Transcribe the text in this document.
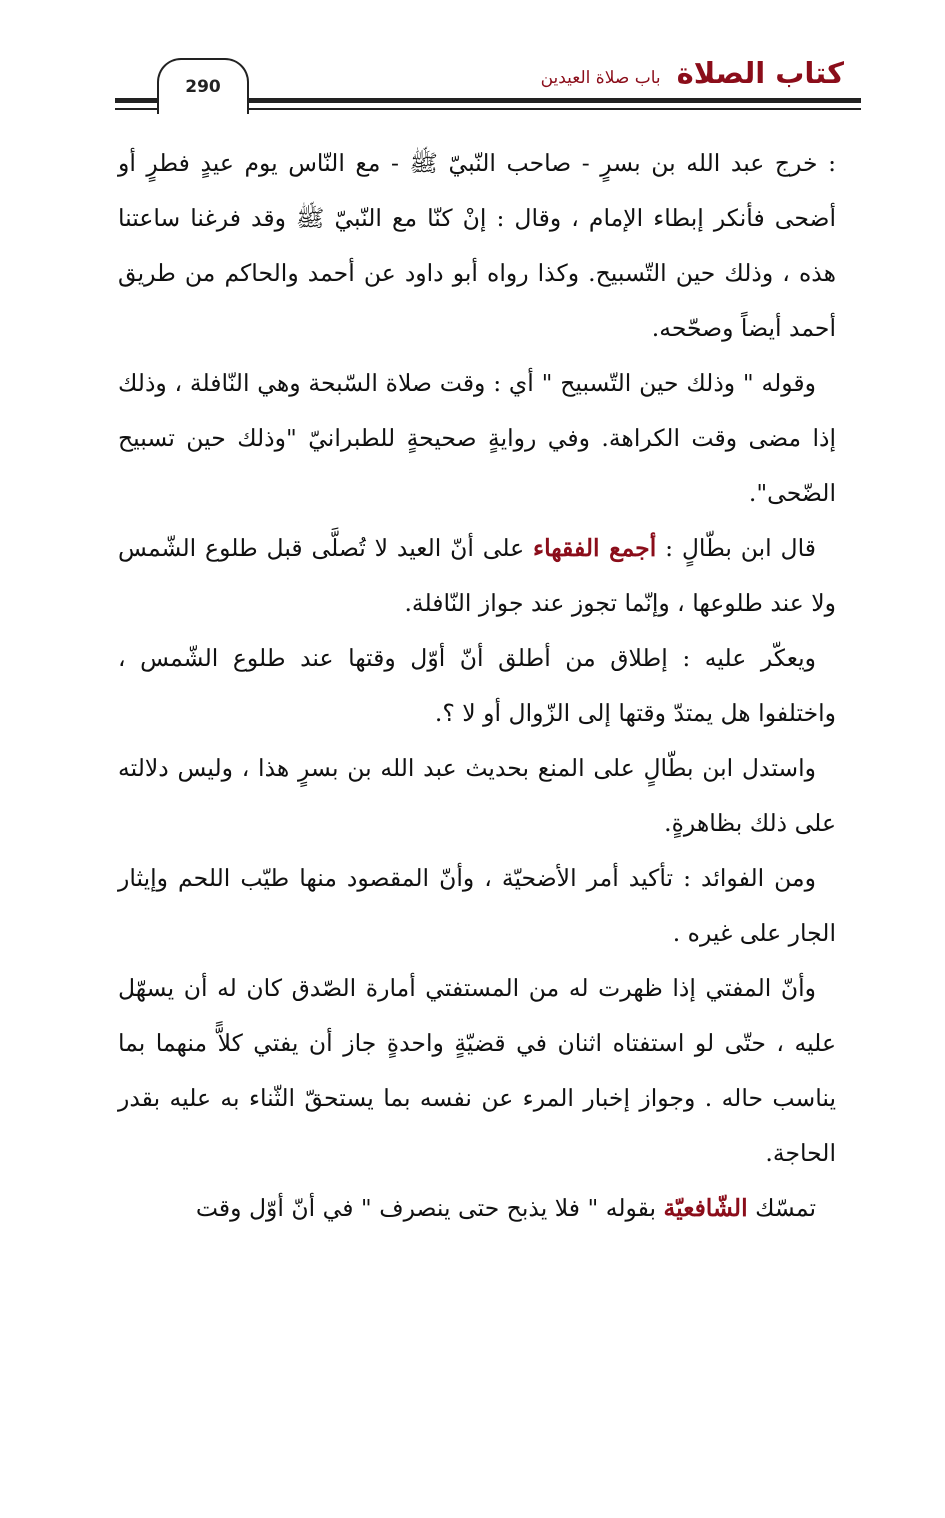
كتاب الصلاة
باب صلاة العيدين
290

: خرج عبد الله بن بسرٍ - صاحب النّبيّ ﷺ - مع النّاس يوم عيدٍ فطرٍ أو أضحى فأنكر إبطاء الإمام ، وقال : إنْ كنّا مع النّبيّ ﷺ وقد فرغنا ساعتنا هذه ، وذلك حين التّسبيح. وكذا رواه أبو داود عن أحمد والحاكم من طريق أحمد أيضاً وصحّحه.

وقوله " وذلك حين التّسبيح " أي : وقت صلاة السّبحة وهي النّافلة ، وذلك إذا مضى وقت الكراهة. وفي روايةٍ صحيحةٍ للطبرانيّ "وذلك حين تسبيح الضّحى".

قال ابن بطّالٍ : أجمع الفقهاء على أنّ العيد لا تُصلَّى قبل طلوع الشّمس ولا عند طلوعها ، وإنّما تجوز عند جواز النّافلة.

ويعكّر عليه : إطلاق من أطلق أنّ أوّل وقتها عند طلوع الشّمس ، واختلفوا هل يمتدّ وقتها إلى الزّوال أو لا ؟.

واستدل ابن بطّالٍ على المنع بحديث عبد الله بن بسرٍ هذا ، وليس دلالته على ذلك بظاهرةٍ.

ومن الفوائد : تأكيد أمر الأضحيّة ، وأنّ المقصود منها طيّب اللحم وإيثار الجار على غيره .

وأنّ المفتي إذا ظهرت له من المستفتي أمارة الصّدق كان له أن يسهّل عليه ، حتّى لو استفتاه اثنان في قضيّةٍ واحدةٍ جاز أن يفتي كلاًّ منهما بما يناسب حاله . وجواز إخبار المرء عن نفسه بما يستحقّ الثّناء به عليه بقدر الحاجة.

تمسّك الشّافعيّة بقوله " فلا يذبح حتى ينصرف " في أنّ أوّل وقت
